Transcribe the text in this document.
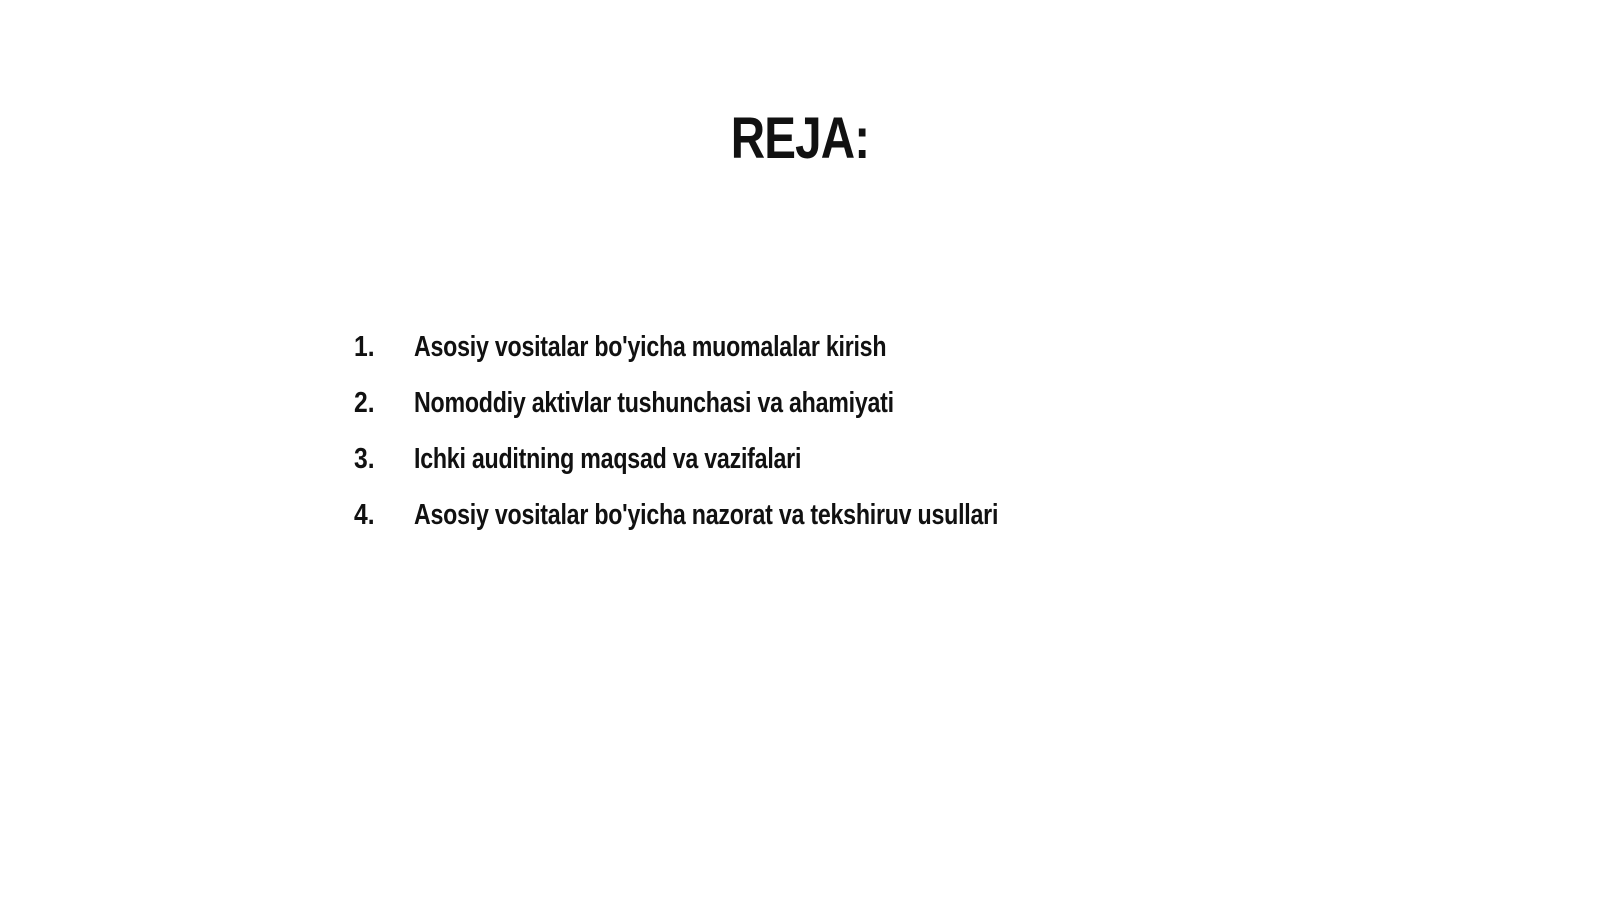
REJA:
1.	Asosiy vositalar bo'yicha muomalalar kirish
2.	Nomoddiy aktivlar tushunchasi va ahamiyati
3.	Ichki auditning maqsad va vazifalari
4.	Asosiy vositalar bo'yicha nazorat va tekshiruv usullari
